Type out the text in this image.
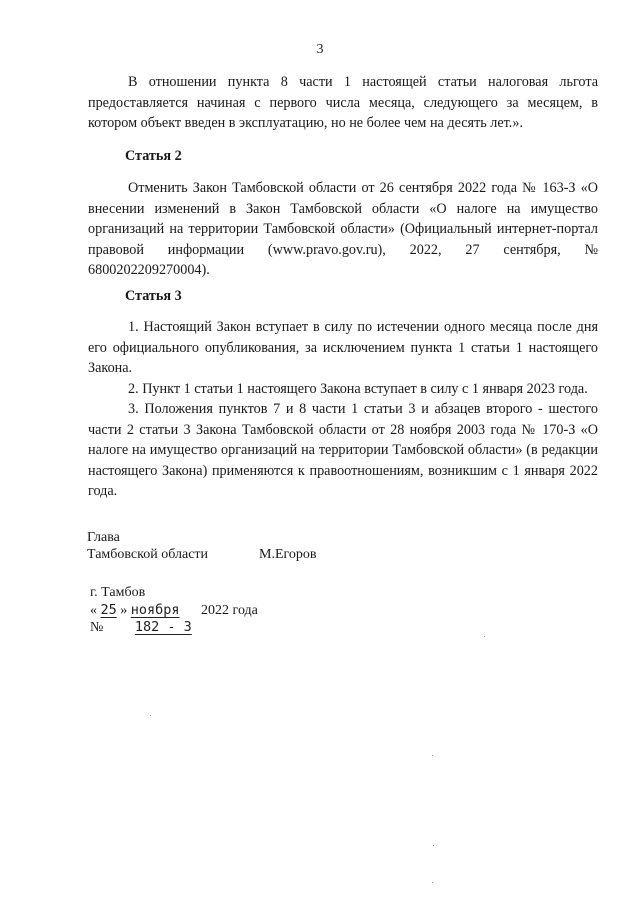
3

В отношении пункта 8 части 1 настоящей статьи налоговая льгота предоставляется начиная с первого числа месяца, следующего за месяцем, в котором объект введен в эксплуатацию, но не более чем на десять лет.».

Статья 2

Отменить Закон Тамбовской области от 26 сентября 2022 года № 163-З «О внесении изменений в Закон Тамбовской области «О налоге на имущество организаций на территории Тамбовской области» (Официальный интернет-портал правовой информации (www.pravo.gov.ru), 2022, 27 сентября, № 6800202209270004).

Статья 3

1. Настоящий Закон вступает в силу по истечении одного месяца после дня его официального опубликования, за исключением пункта 1 статьи 1 настоящего Закона.

2. Пункт 1 статьи 1 настоящего Закона вступает в силу с 1 января 2023 года.

3. Положения пунктов 7 и 8 части 1 статьи 3 и абзацев второго - шестого части 2 статьи 3 Закона Тамбовской области от 28 ноября 2003 года № 170-З «О налоге на имущество организаций на территории Тамбовской области» (в редакции настоящего Закона) применяются к правоотношениям, возникшим с 1 января 2022 года.

Глава
Тамбовской области	М.Егоров
г. Тамбов
« 25 » ноября 2022 года
№ 182 - З
